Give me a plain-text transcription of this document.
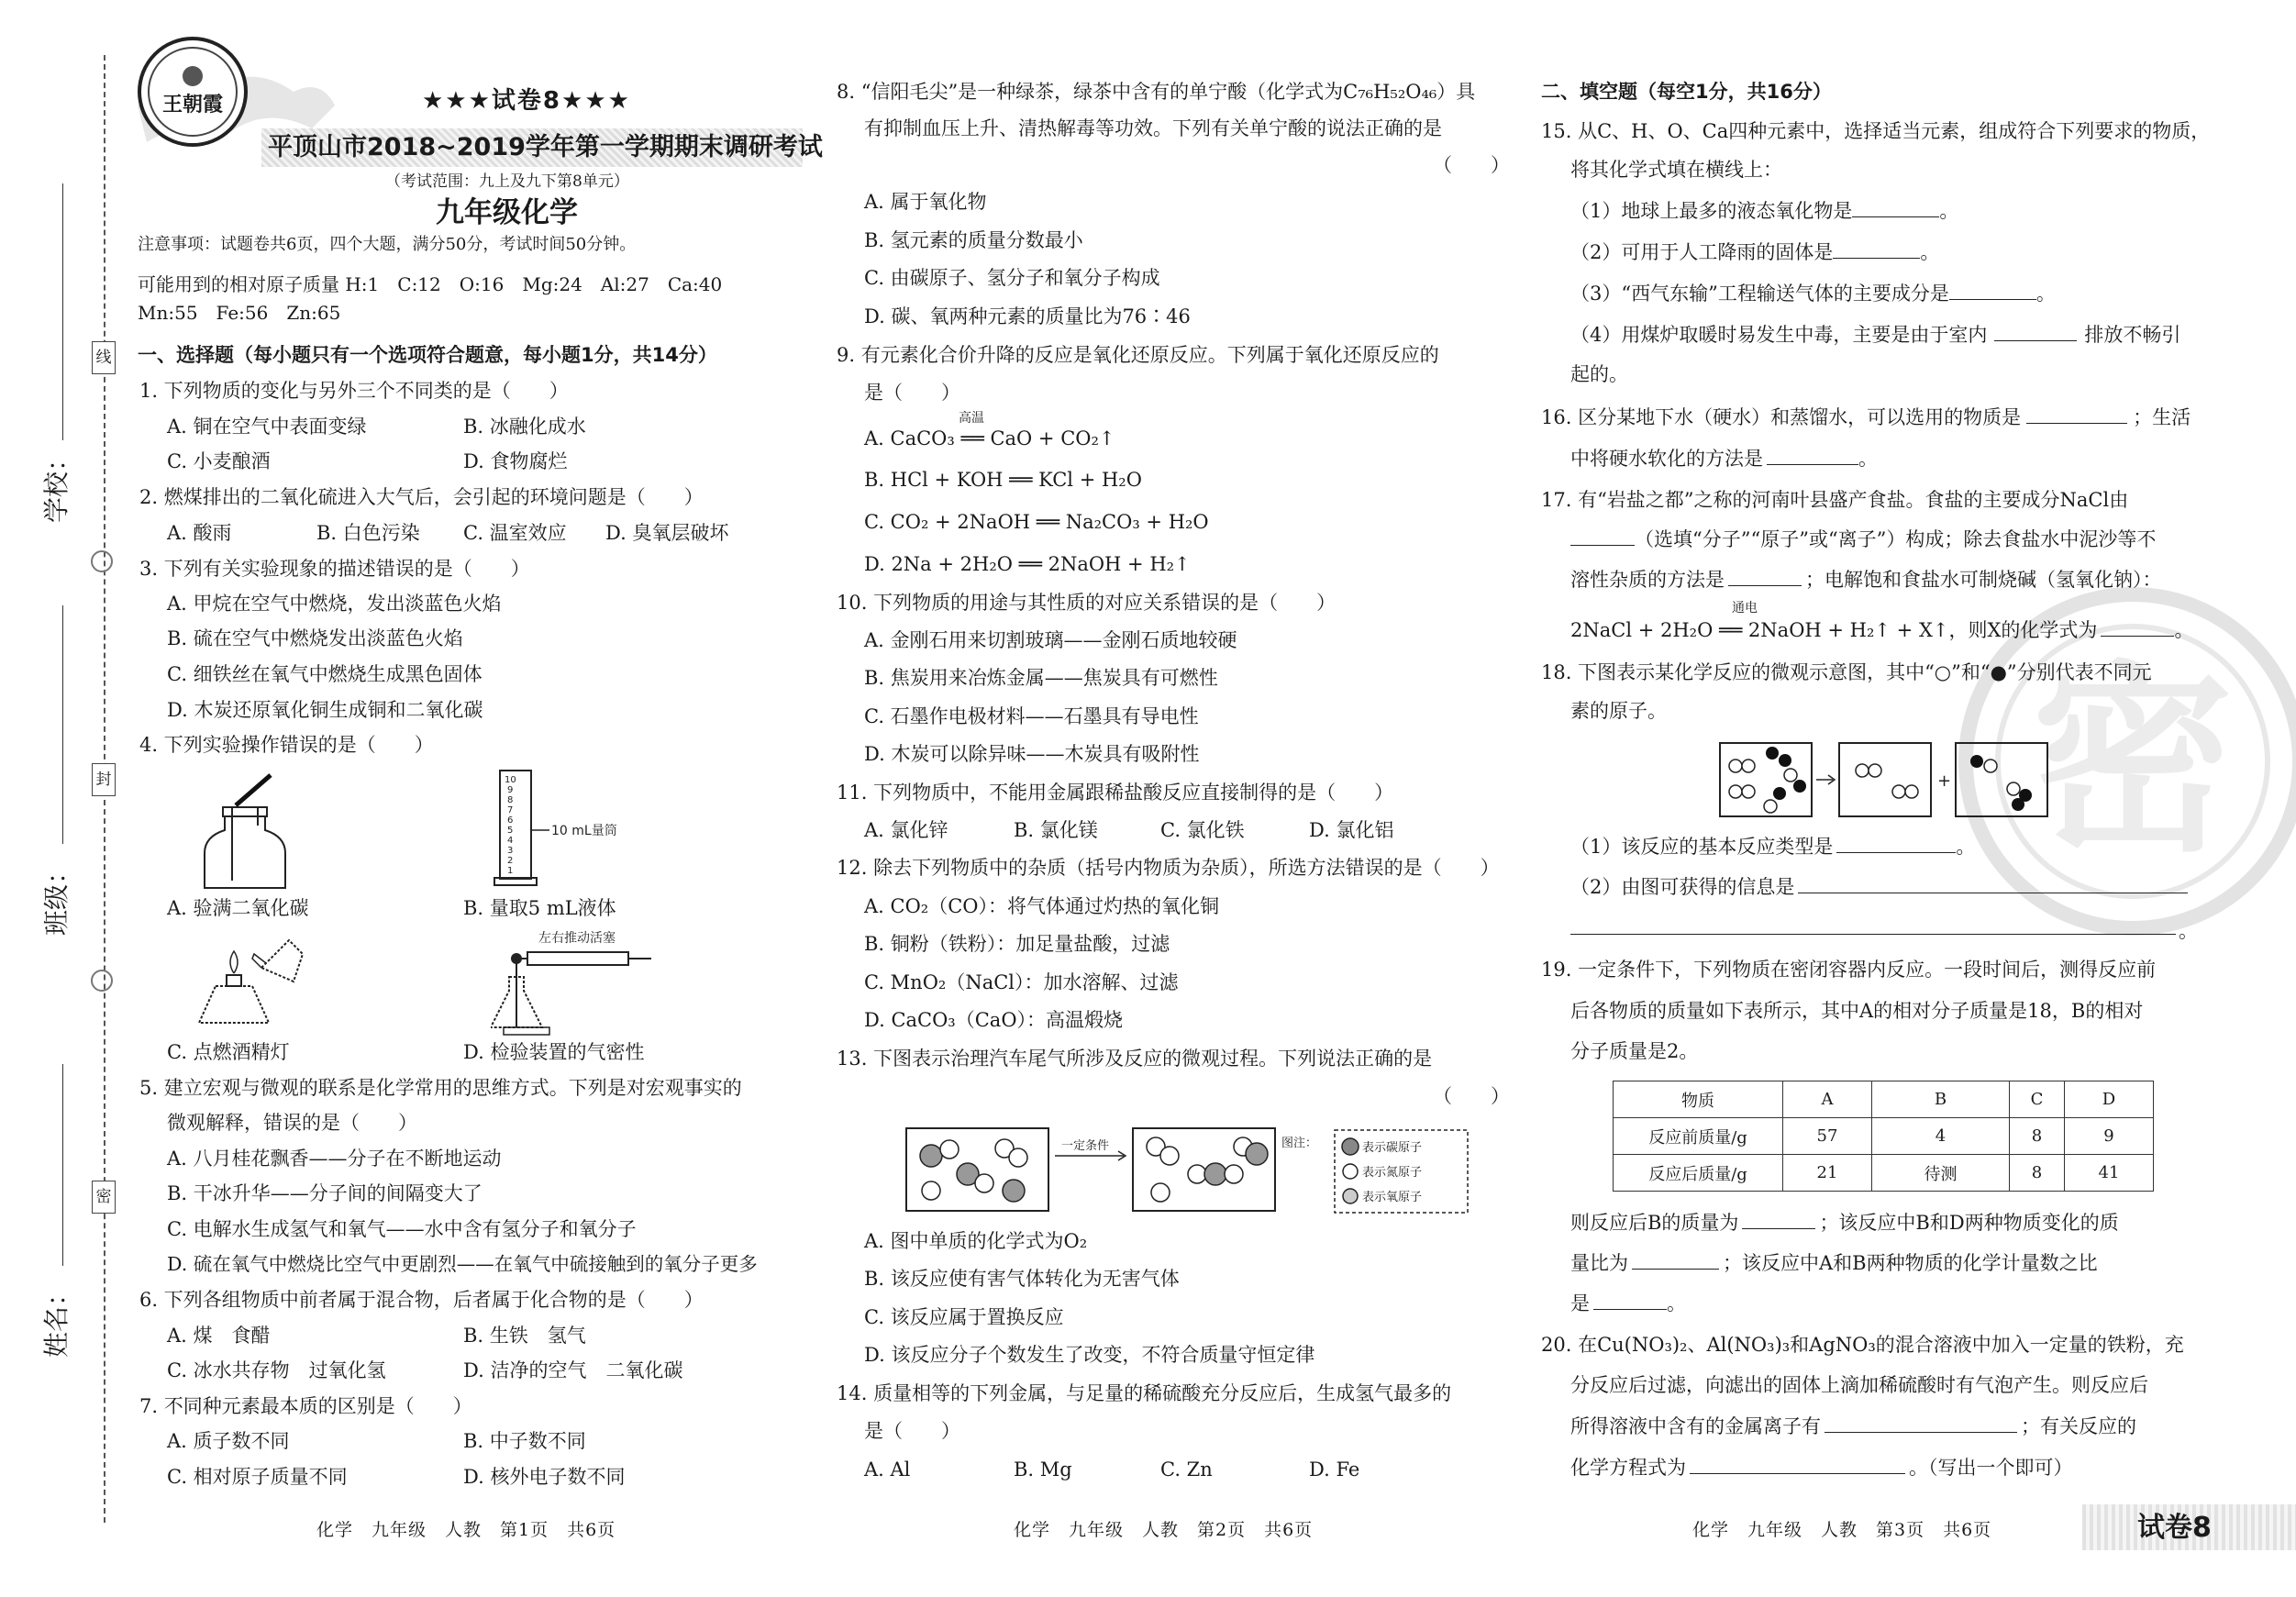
线
封
密
学校：
班级：
姓名：
王朝霞	★★★试卷8★★★
平顶山市2018~2019学年第一学期期末调研考试
（考试范围：九上及九下第8单元）
九年级化学
注意事项：试题卷共6页，四个大题，满分50分，考试时间50分钟。
可能用到的相对原子质量 H:1　C:12　O:16　Mg:24　Al:27　Ca:40
Mn:55　Fe:56　Zn:65
一、选择题（每小题只有一个选项符合题意，每小题1分，共14分）
1. 下列物质的变化与另外三个不同类的是（　　）
A. 铜在空气中表面变绿	B. 冰融化成水
C. 小麦酿酒	D. 食物腐烂
2. 燃煤排出的二氧化硫进入大气后，会引起的环境问题是（　　）
A. 酸雨	B. 白色污染 C. 温室效应 D. 臭氧层破坏
3. 下列有关实验现象的描述错误的是（　　）
A. 甲烷在空气中燃烧，发出淡蓝色火焰
B. 硫在空气中燃烧发出淡蓝色火焰
C. 细铁丝在氧气中燃烧生成黑色固体
D. 木炭还原氧化铜生成铜和二氧化碳
4. 下列实验操作错误的是（　　）
10
9
8
7
6
5
4
3
2
1
10 mL量筒
A. 验满二氧化碳	B. 量取5 mL液体
左右推动活塞
C. 点燃酒精灯	D. 检验装置的气密性
5. 建立宏观与微观的联系是化学常用的思维方式。下列是对宏观事实的
微观解释，错误的是（　　）
A. 八月桂花飘香——分子在不断地运动
B. 干冰升华——分子间的间隔变大了
C. 电解水生成氢气和氧气——水中含有氢分子和氧分子
D. 硫在氧气中燃烧比空气中更剧烈——在氧气中硫接触到的氧分子更多
6. 下列各组物质中前者属于混合物，后者属于化合物的是（　　）
A. 煤　食醋	B. 生铁　氢气
C. 冰水共存物　过氧化氢	D. 洁净的空气　二氧化碳
7. 不同种元素最本质的区别是（　　）
A. 质子数不同	B. 中子数不同
C. 相对原子质量不同	D. 核外电子数不同
化学　九年级　人教　第1页　共6页
8. “信阳毛尖”是一种绿茶，绿茶中含有的单宁酸（化学式为C₇₆H₅₂O₄₆）具
有抑制血压上升、清热解毒等功效。下列有关单宁酸的说法正确的是
（　　）
A. 属于氧化物
B. 氢元素的质量分数最小
C. 由碳原子、氢分子和氧分子构成
D. 碳、氧两种元素的质量比为76∶46
9. 有元素化合价升降的反应是氧化还原反应。下列属于氧化还原反应的
是（　　）
高温
A. CaCO₃ ══ CaO + CO₂↑
B. HCl + KOH ══ KCl + H₂O
C. CO₂ + 2NaOH ══ Na₂CO₃ + H₂O
D. 2Na + 2H₂O ══ 2NaOH + H₂↑
10. 下列物质的用途与其性质的对应关系错误的是（　　）
A. 金刚石用来切割玻璃——金刚石质地较硬
B. 焦炭用来冶炼金属——焦炭具有可燃性
C. 石墨作电极材料——石墨具有导电性
D. 木炭可以除异味——木炭具有吸附性
11. 下列物质中，不能用金属跟稀盐酸反应直接制得的是（　　）
A. 氯化锌	B. 氯化镁	C. 氯化铁	D. 氯化铝
12. 除去下列物质中的杂质（括号内物质为杂质），所选方法错误的是（　　）
A. CO₂（CO）：将气体通过灼热的氧化铜
B. 铜粉（铁粉）：加足量盐酸，过滤
C. MnO₂（NaCl）：加水溶解、过滤
D. CaCO₃（CaO）：高温煅烧
13. 下图表示治理汽车尾气所涉及反应的微观过程。下列说法正确的是
（　　）
一定条件	图注：	表示碳原子
表示氮原子
表示氧原子
A. 图中单质的化学式为O₂
B. 该反应使有害气体转化为无害气体
C. 该反应属于置换反应
D. 该反应分子个数发生了改变，不符合质量守恒定律
14. 质量相等的下列金属，与足量的稀硫酸充分反应后，生成氢气最多的
是（　　）
A. Al	B. Mg	C. Zn	D. Fe
化学　九年级　人教　第2页　共6页
密
二、填空题（每空1分，共16分）
15. 从C、H、O、Ca四种元素中，选择适当元素，组成符合下列要求的物质，
将其化学式填在横线上：
（1）地球上最多的液态氧化物是	。
（2）可用于人工降雨的固体是	。
（3）“西气东输”工程输送气体的主要成分是	。
（4）用煤炉取暖时易发生中毒，主要是由于室内	排放不畅引
起的。
16. 区分某地下水（硬水）和蒸馏水，可以选用的物质是	；生活
中将硬水软化的方法是	。
17. 有“岩盐之都”之称的河南叶县盛产食盐。食盐的主要成分NaCl由
（选填“分子”“原子”或“离子”）构成；除去食盐水中泥沙等不
溶性杂质的方法是	；电解饱和食盐水可制烧碱（氢氧化钠）：
通电
2NaCl + 2H₂O ══ 2NaOH + H₂↑ + X↑，则X的化学式为	。
18. 下图表示某化学反应的微观示意图，其中“○”和“●”分别代表不同元
素的原子。
+
（1）该反应的基本反应类型是	。
（2）由图可获得的信息是
。
19. 一定条件下，下列物质在密闭容器内反应。一段时间后，测得反应前
后各物质的质量如下表所示，其中A的相对分子质量是18，B的相对
分子质量是2。
物质	A	B	C	D
反应前质量/g	57	4	8	9
反应后质量/g	21	待测	8	41
则反应后B的质量为	；该反应中B和D两种物质变化的质
量比为	；该反应中A和B两种物质的化学计量数之比
是	。
20. 在Cu(NO₃)₂、Al(NO₃)₃和AgNO₃的混合溶液中加入一定量的铁粉，充
分反应后过滤，向滤出的固体上滴加稀硫酸时有气泡产生。则反应后
所得溶液中含有的金属离子有	；有关反应的
化学方程式为	。（写出一个即可）
化学　九年级　人教　第3页　共6页	试卷8
